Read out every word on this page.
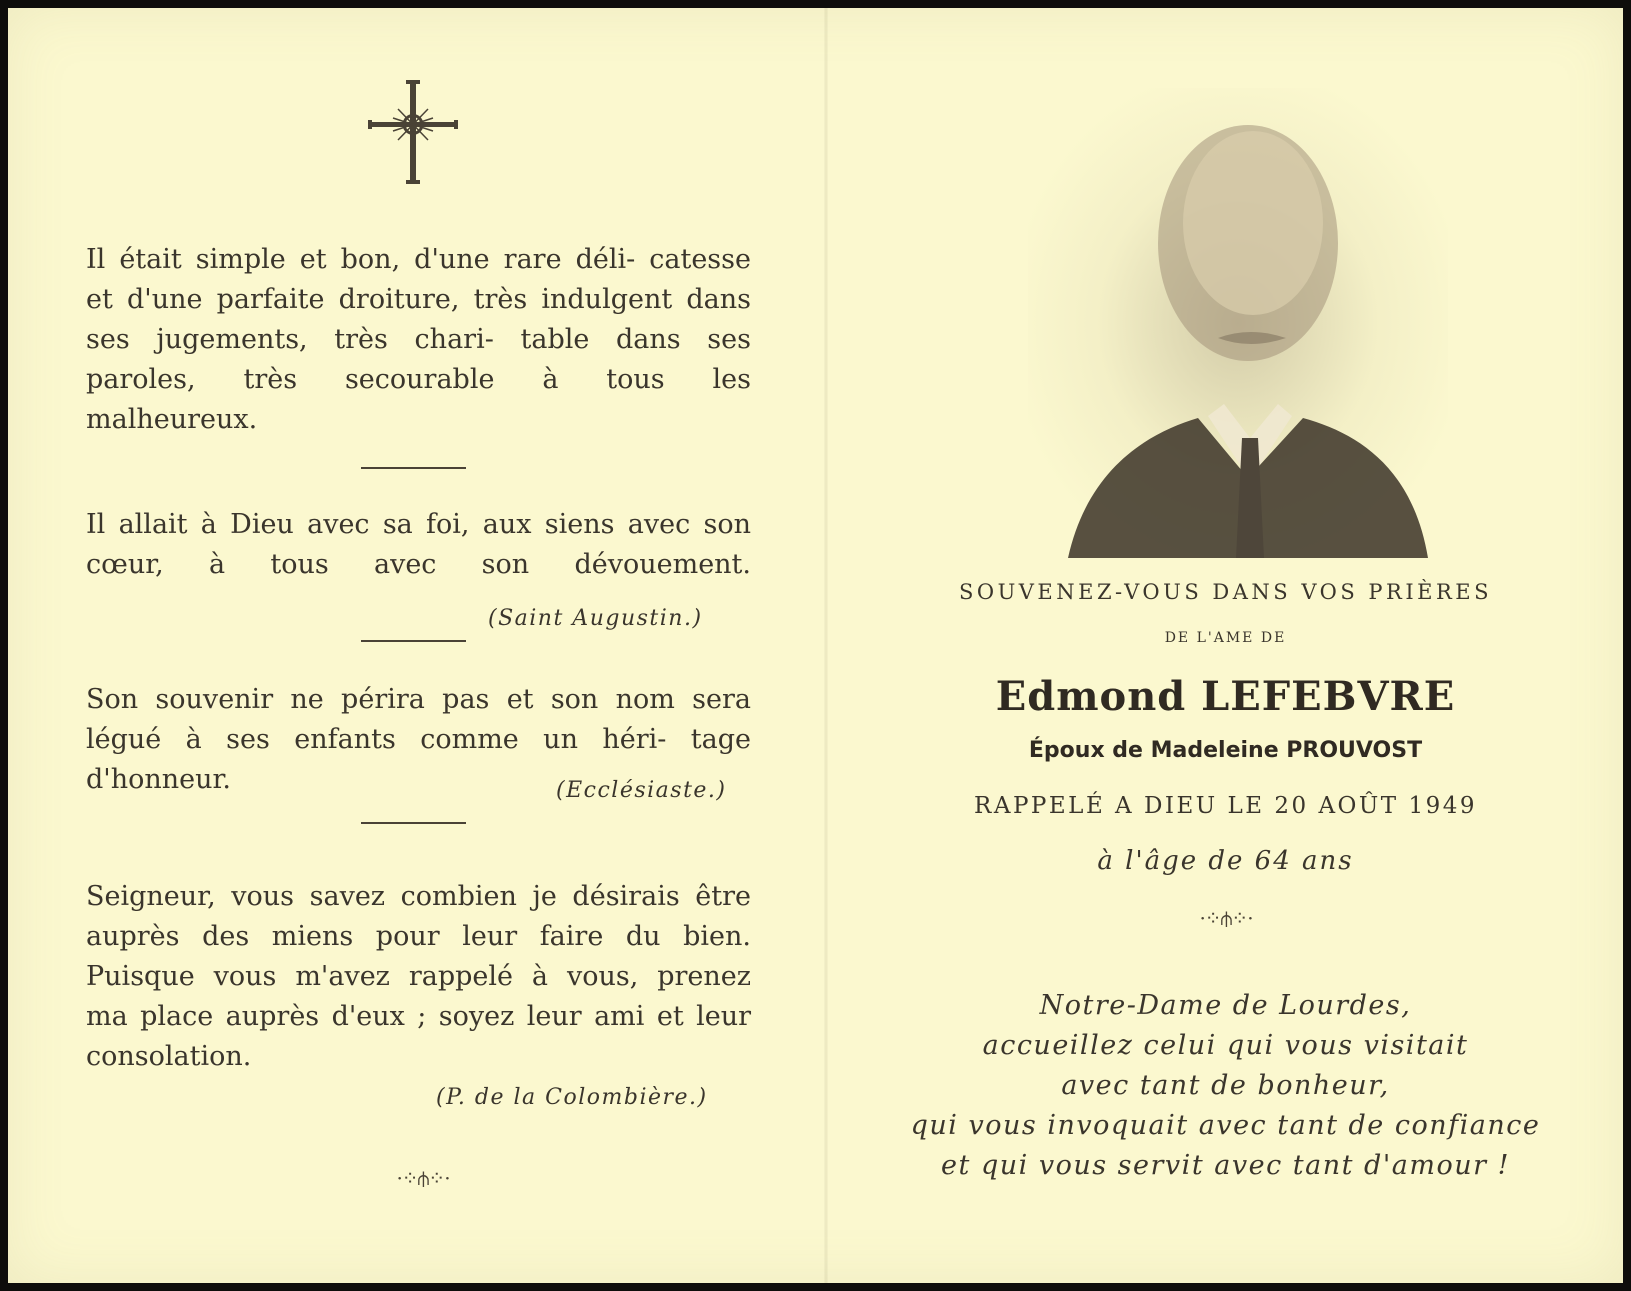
Il était simple et bon, d'une rare déli- catesse et d'une parfaite droiture, très indulgent dans ses jugements, très chari- table dans ses paroles, très secourable à tous les malheureux.

Il allait à Dieu avec sa foi, aux siens avec son cœur, à tous avec son dévouement.

(Saint Augustin.)

Son souvenir ne périra pas et son nom sera légué à ses enfants comme un héri- tage d'honneur.	(Ecclésiaste.)

Seigneur, vous savez combien je désirais être auprès des miens pour leur faire du bien. Puisque vous m'avez rappelé à vous, prenez ma place auprès d'eux ; soyez leur ami et leur consolation.

(P. de la Colombière.)
·⁘⫛⁘·
SOUVENEZ-VOUS DANS VOS PRIÈRES
DE L'AME DE
Edmond LEFEBVRE
Époux de Madeleine PROUVOST
RAPPELÉ A DIEU LE 20 AOÛT 1949
à l'âge de 64 ans
·⁘⫛⁘·
Notre-Dame de Lourdes,
accueillez celui qui vous visitait
avec tant de bonheur,
qui vous invoquait avec tant de confiance
et qui vous servit avec tant d'amour !
